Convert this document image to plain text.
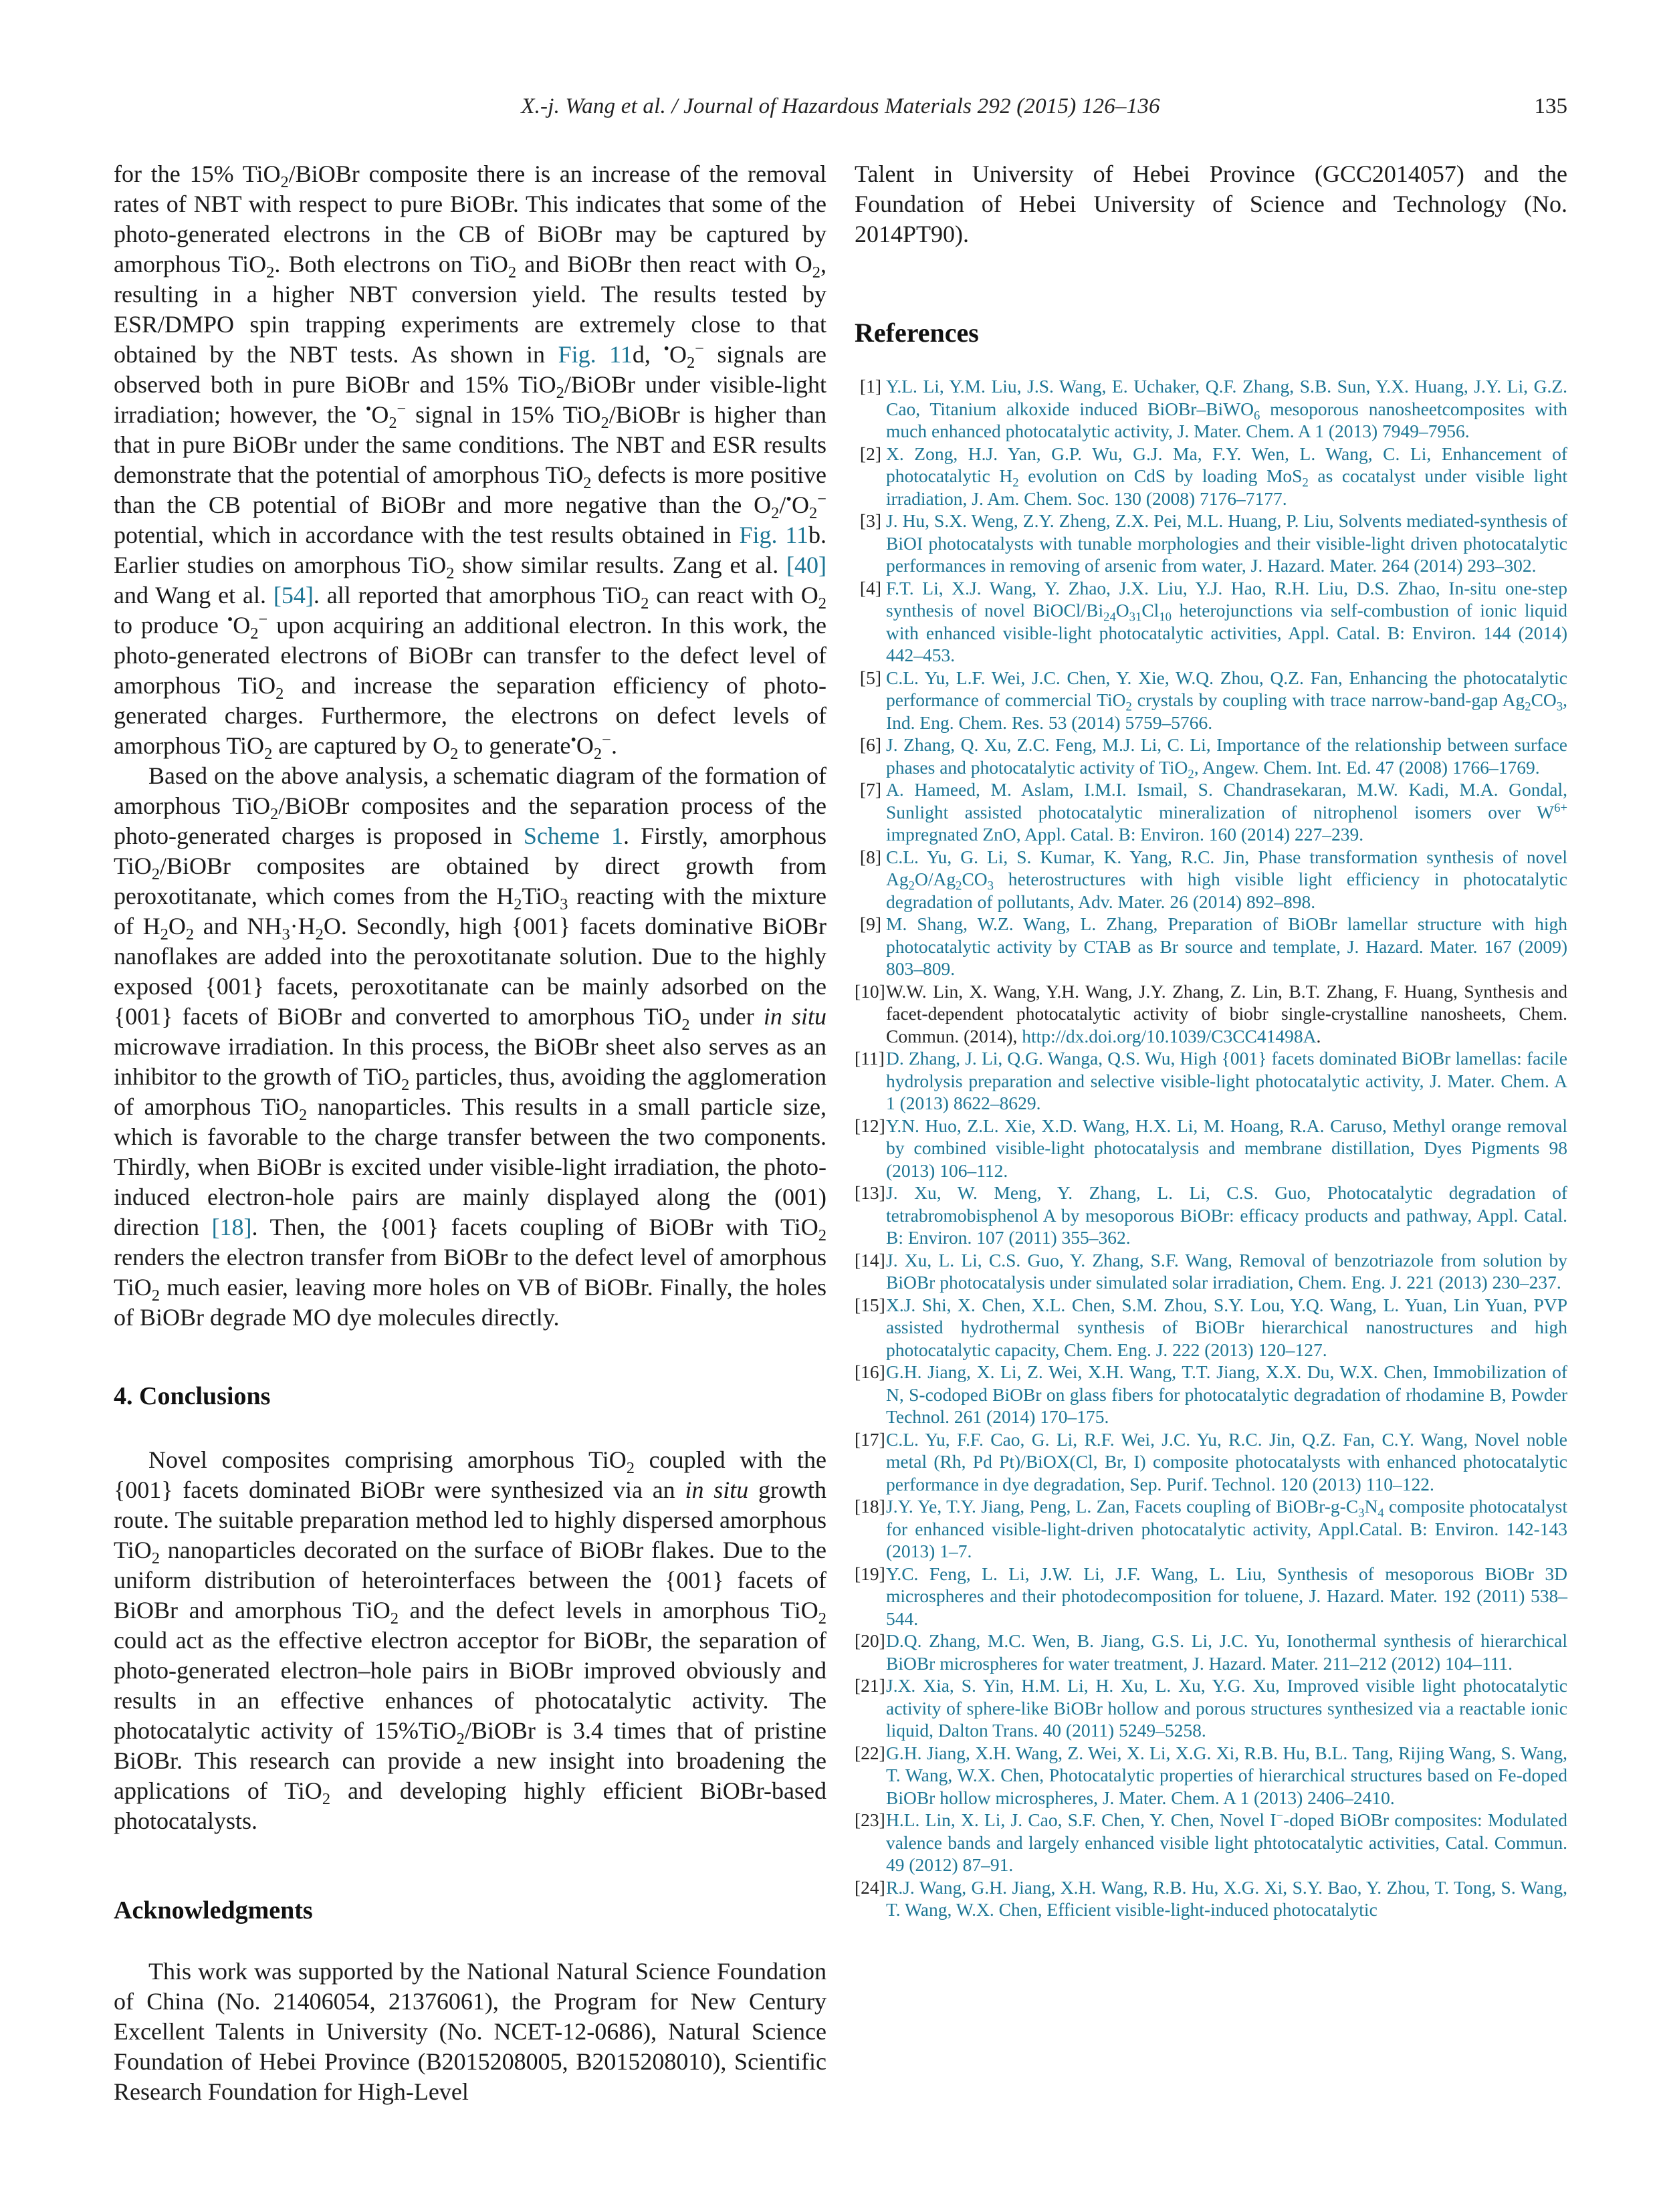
X.-j. Wang et al. / Journal of Hazardous Materials 292 (2015) 126–136	135

for the 15% TiO$_2$/BiOBr composite there is an increase of the removal rates of NBT with respect to pure BiOBr. This indicates that some of the photo-generated electrons in the CB of BiOBr may be captured by amorphous TiO$_2$. Both electrons on TiO$_2$ and BiOBr then react with $O_2$, resulting in a higher NBT conversion yield. The results tested by ESR/DMPO spin trapping experiments are extremely close to that obtained by the NBT tests. As shown in Fig. 11d, $^•O_2^-$ signals are observed both in pure BiOBr and 15% TiO$_2$/BiOBr under visible-light irradiation; however, the $^•O_2^-$ signal in 15% TiO$_2$/BiOBr is higher than that in pure BiOBr under the same conditions. The NBT and ESR results demonstrate that the potential of amorphous TiO$_2$ defects is more positive than the CB potential of BiOBr and more negative than the $O_2/^•O_2^-$ potential, which in accordance with the test results obtained in Fig. 11b. Earlier studies on amorphous TiO$_2$ show similar results. Zang et al. [40] and Wang et al. [54]. all reported that amorphous TiO$_2$ can react with $O_2$ to produce $^•O_2^-$ upon acquiring an additional electron. In this work, the photo-generated electrons of BiOBr can transfer to the defect level of amorphous TiO$_2$ and increase the separation efficiency of photo-generated charges. Furthermore, the electrons on defect levels of amorphous TiO$_2$ are captured by $O_2$ to $generate^•O_2^-$.

Based on the above analysis, a schematic diagram of the formation of amorphous TiO$_2$/BiOBr composites and the separation process of the photo-generated charges is proposed in Scheme 1. Firstly, amorphous TiO$_2$/BiOBr composites are obtained by direct growth from peroxotitanate, which comes from the $H_2TiO_3$ reacting with the mixture of $H_2O_2$ and $NH_3\cdot H_2O$. Secondly, high {001} facets dominative BiOBr nanoflakes are added into the peroxotitanate solution. Due to the highly exposed {001} facets, peroxotitanate can be mainly adsorbed on the {001} facets of BiOBr and converted to amorphous TiO$_2$ under in situ microwave irradiation. In this process, the BiOBr sheet also serves as an inhibitor to the growth of TiO$_2$ particles, thus, avoiding the agglomeration of amorphous TiO$_2$ nanoparticles. This results in a small particle size, which is favorable to the charge transfer between the two components. Thirdly, when BiOBr is excited under visible-light irradiation, the photo-induced electron-hole pairs are mainly displayed along the (001) direction [18]. Then, the {001} facets coupling of BiOBr with TiO$_2$ renders the electron transfer from BiOBr to the defect level of amorphous TiO$_2$ much easier, leaving more holes on VB of BiOBr. Finally, the holes of BiOBr degrade MO dye molecules directly.

4. Conclusions

Novel composites comprising amorphous TiO$_2$ coupled with the {001} facets dominated BiOBr were synthesized via an in situ growth route. The suitable preparation method led to highly dispersed amorphous TiO$_2$ nanoparticles decorated on the surface of BiOBr flakes. Due to the uniform distribution of heterointerfaces between the {001} facets of BiOBr and amorphous TiO$_2$ and the defect levels in amorphous TiO$_2$ could act as the effective electron acceptor for BiOBr, the separation of photo-generated electron–hole pairs in BiOBr improved obviously and results in an effective enhances of photocatalytic activity. The photocatalytic activity of 15%TiO$_2$/BiOBr is 3.4 times that of pristine BiOBr. This research can provide a new insight into broadening the applications of TiO$_2$ and developing highly efficient BiOBr-based photocatalysts.

Acknowledgments

This work was supported by the National Natural Science Foundation of China (No. 21406054, 21376061), the Program for New Century Excellent Talents in University (No. NCET-12-0686), Natural Science Foundation of Hebei Province (B2015208005, B2015208010), Scientific Research Foundation for High-Level

Talent in University of Hebei Province (GCC2014057) and the Foundation of Hebei University of Science and Technology (No. 2014PT90).

References
[1] Y.L. Li, Y.M. Liu, J.S. Wang, E. Uchaker, Q.F. Zhang, S.B. Sun, Y.X. Huang, J.Y. Li, G.Z. Cao, Titanium alkoxide induced BiOBr–BiWO$_6$ mesoporous nanosheetcomposites with much enhanced photocatalytic activity, J. Mater. Chem. A 1 (2013) 7949–7956.
[2] X. Zong, H.J. Yan, G.P. Wu, G.J. Ma, F.Y. Wen, L. Wang, C. Li, Enhancement of photocatalytic $H_2$ evolution on CdS by loading MoS$_2$ as cocatalyst under visible light irradiation, J. Am. Chem. Soc. 130 (2008) 7176–7177.
[3] J. Hu, S.X. Weng, Z.Y. Zheng, Z.X. Pei, M.L. Huang, P. Liu, Solvents mediated-synthesis of BiOI photocatalysts with tunable morphologies and their visible-light driven photocatalytic performances in removing of arsenic from water, J. Hazard. Mater. 264 (2014) 293–302.
[4] F.T. Li, X.J. Wang, Y. Zhao, J.X. Liu, Y.J. Hao, R.H. Liu, D.S. Zhao, In-situ one-step synthesis of novel BiOCl/$Bi_{24}O_{31}Cl_{10}$ heterojunctions via self-combustion of ionic liquid with enhanced visible-light photocatalytic activities, Appl. Catal. B: Environ. 144 (2014) 442–453.
[5] C.L. Yu, L.F. Wei, J.C. Chen, Y. Xie, W.Q. Zhou, Q.Z. Fan, Enhancing the photocatalytic performance of commercial TiO$_2$ crystals by coupling with trace narrow-band-gap $Ag_2CO_3$, Ind. Eng. Chem. Res. 53 (2014) 5759–5766.
[6] J. Zhang, Q. Xu, Z.C. Feng, M.J. Li, C. Li, Importance of the relationship between surface phases and photocatalytic activity of TiO$_2$, Angew. Chem. Int. Ed. 47 (2008) 1766–1769.
[7] A. Hameed, M. Aslam, I.M.I. Ismail, S. Chandrasekaran, M.W. Kadi, M.A. Gondal, Sunlight assisted photocatalytic mineralization of nitrophenol isomers over $W^{6+}$ impregnated ZnO, Appl. Catal. B: Environ. 160 (2014) 227–239.
[8] C.L. Yu, G. Li, S. Kumar, K. Yang, R.C. Jin, Phase transformation synthesis of novel $Ag_2O/Ag_2CO_3$ heterostructures with high visible light efficiency in photocatalytic degradation of pollutants, Adv. Mater. 26 (2014) 892–898.
[9] M. Shang, W.Z. Wang, L. Zhang, Preparation of BiOBr lamellar structure with high photocatalytic activity by CTAB as Br source and template, J. Hazard. Mater. 167 (2009) 803–809.
[10] W.W. Lin, X. Wang, Y.H. Wang, J.Y. Zhang, Z. Lin, B.T. Zhang, F. Huang, Synthesis and facet-dependent photocatalytic activity of biobr single-crystalline nanosheets, Chem. Commun. (2014), http://dx.doi.org/10.1039/C3CC41498A.
[11] D. Zhang, J. Li, Q.G. Wanga, Q.S. Wu, High {001} facets dominated BiOBr lamellas: facile hydrolysis preparation and selective visible-light photocatalytic activity, J. Mater. Chem. A 1 (2013) 8622–8629.
[12] Y.N. Huo, Z.L. Xie, X.D. Wang, H.X. Li, M. Hoang, R.A. Caruso, Methyl orange removal by combined visible-light photocatalysis and membrane distillation, Dyes Pigments 98 (2013) 106–112.
[13] J. Xu, W. Meng, Y. Zhang, L. Li, C.S. Guo, Photocatalytic degradation of tetrabromobisphenol A by mesoporous BiOBr: efficacy products and pathway, Appl. Catal. B: Environ. 107 (2011) 355–362.
[14] J. Xu, L. Li, C.S. Guo, Y. Zhang, S.F. Wang, Removal of benzotriazole from solution by BiOBr photocatalysis under simulated solar irradiation, Chem. Eng. J. 221 (2013) 230–237.
[15] X.J. Shi, X. Chen, X.L. Chen, S.M. Zhou, S.Y. Lou, Y.Q. Wang, L. Yuan, Lin Yuan, PVP assisted hydrothermal synthesis of BiOBr hierarchical nanostructures and high photocatalytic capacity, Chem. Eng. J. 222 (2013) 120–127.
[16] G.H. Jiang, X. Li, Z. Wei, X.H. Wang, T.T. Jiang, X.X. Du, W.X. Chen, Immobilization of N, S-codoped BiOBr on glass fibers for photocatalytic degradation of rhodamine B, Powder Technol. 261 (2014) 170–175.
[17] C.L. Yu, F.F. Cao, G. Li, R.F. Wei, J.C. Yu, R.C. Jin, Q.Z. Fan, C.Y. Wang, Novel noble metal (Rh, Pd Pt)/BiOX(Cl, Br, I) composite photocatalysts with enhanced photocatalytic performance in dye degradation, Sep. Purif. Technol. 120 (2013) 110–122.
[18] J.Y. Ye, T.Y. Jiang, Peng, L. Zan, Facets coupling of BiOBr-$g-C_3N_4$ composite photocatalyst for enhanced visible-light-driven photocatalytic activity, Appl.Catal. B: Environ. 142-143 (2013) 1–7.
[19] Y.C. Feng, L. Li, J.W. Li, J.F. Wang, L. Liu, Synthesis of mesoporous BiOBr 3D microspheres and their photodecomposition for toluene, J. Hazard. Mater. 192 (2011) 538–544.
[20] D.Q. Zhang, M.C. Wen, B. Jiang, G.S. Li, J.C. Yu, Ionothermal synthesis of hierarchical BiOBr microspheres for water treatment, J. Hazard. Mater. 211–212 (2012) 104–111.
[21] J.X. Xia, S. Yin, H.M. Li, H. Xu, L. Xu, Y.G. Xu, Improved visible light photocatalytic activity of sphere-like BiOBr hollow and porous structures synthesized via a reactable ionic liquid, Dalton Trans. 40 (2011) 5249–5258.
[22] G.H. Jiang, X.H. Wang, Z. Wei, X. Li, X.G. Xi, R.B. Hu, B.L. Tang, Rijing Wang, S. Wang, T. Wang, W.X. Chen, Photocatalytic properties of hierarchical structures based on Fe-doped BiOBr hollow microspheres, J. Mater. Chem. A 1 (2013) 2406–2410.
[23] H.L. Lin, X. Li, J. Cao, S.F. Chen, Y. Chen, Novel I−-doped BiOBr composites: Modulated valence bands and largely enhanced visible light phtotocatalytic activities, Catal. Commun. 49 (2012) 87–91.
[24] R.J. Wang, G.H. Jiang, X.H. Wang, R.B. Hu, X.G. Xi, S.Y. Bao, Y. Zhou, T. Tong, S. Wang, T. Wang, W.X. Chen, Efficient visible-light-induced photocatalytic
